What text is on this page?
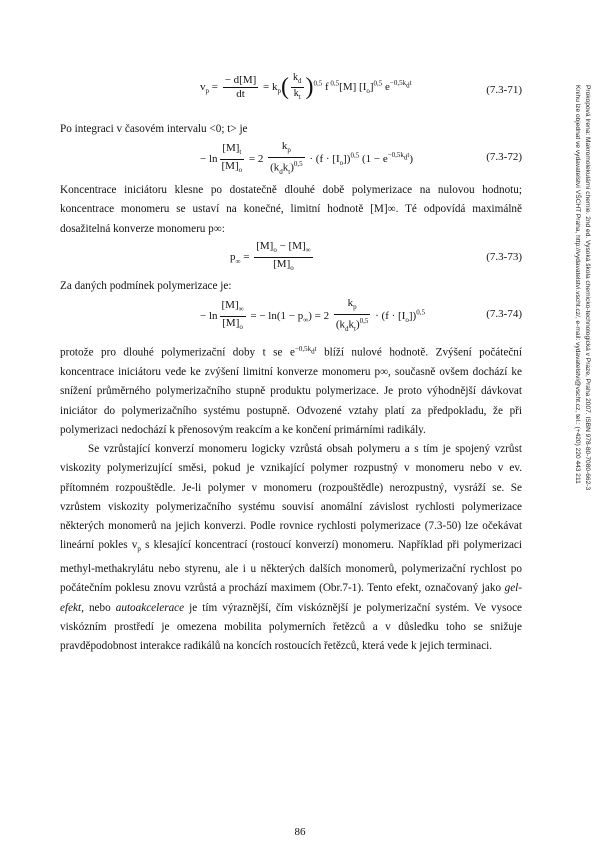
$v_p = \frac{- d[M]}{dt} = k_p( \frac{k_d}{k_t} )^{0,5}$ f $^{0,5}$[M] $[I_o]^{0,5}$ $e^{-0,5k_dt}$
(7.3-71)

Po integraci v časovém intervalu <0; t> je

− $\ln \frac{[M]_t}{[M]_o} = 2 \frac{k_p}{(k_dk_t)^{0,5}} \cdot (f \cdot [I_o])^{0,5}$ $(1 - e^{-0,5k_dt})$	(7.3-72)

Koncentrace iniciátoru klesne po dostatečně dlouhé době polymerizace na nulovou hodnotu; koncentrace monomeru se ustaví na konečné, limitní hodnotě [M]∞. Té odpovídá maximálně dosažitelná konverze monomeru p∞:

$p_\infty = \frac{[M]_o - [M]_\infty}{[M]_o}$	(7.3-73)

Za daných podmínek polymerizace je:

− $\ln \frac{[M]_\infty}{[M]_o}$ = − $\ln(1 - p_\infty) = 2 \frac{k_p}{(k_dk_t)^{0,5}} \cdot (f \cdot [I_o])^{0,5}$	(7.3-74)

protože pro dlouhé polymerizační doby t se $e^{-0,5k_dt}$ blíží nulové hodnotě. Zvýšení počáteční koncentrace iniciátoru vede ke zvýšení limitní konverze monomeru p∞, současně ovšem dochází ke snížení průměrného polymerizačního stupně produktu polymerizace. Je proto výhodnější dávkovat iniciátor do polymerizačního systému postupně. Odvozené vztahy platí za předpokladu, že při polymerizaci nedochází k přenosovým reakcím a ke končení primárními radikály.

Se vzrůstající konverzí monomeru logicky vzrůstá obsah polymeru a s tím je spojený vzrůst viskozity polymerizující směsi, pokud je vznikající polymer rozpustný v monomeru nebo v ev. přítomném rozpouštědle. Je-li polymer v monomeru (rozpouštědle) nerozpustný, vysráží se. Se vzrůstem viskozity polymerizačního systému souvisí anomální závislost rychlosti polymerizace některých monomerů na jejich konverzi. Podle rovnice rychlosti polymerizace (7.3-50) lze očekávat lineární pokles $v_p$ s klesající koncentrací (rostoucí konverzí) monomeru. Například při polymerizaci methyl-methakrylátu nebo styrenu, ale i u některých dalších monomerů, polymerizační rychlost po počátečním poklesu znovu vzrůstá a prochází maximem (Obr.7-1). Tento efekt, označovaný jako gel-efekt, nebo autoakcelerace je tím výraznější, čím viskóznější je polymerizační systém. Ve vysoce viskózním prostředí je omezena mobilita polymerních řetězců a v důsledku toho se snižuje pravděpodobnost interakce radikálů na koncích rostoucích řetězců, která vede k jejich terminaci.

86
Prokopová Irena: Makromolekulární chemie. 2nd ed. Vysoká škola chemicko-technologická v Praze, Praha 2007. ISBN 978-80-7080-662-3
Knihu lze objednat ve vydavatelství VŠCHT Praha, http://vydavatelstvi.vscht.cz/, e-mail: vydavatelstvi@vscht.cz, tel.: (+420) 220 443 211
